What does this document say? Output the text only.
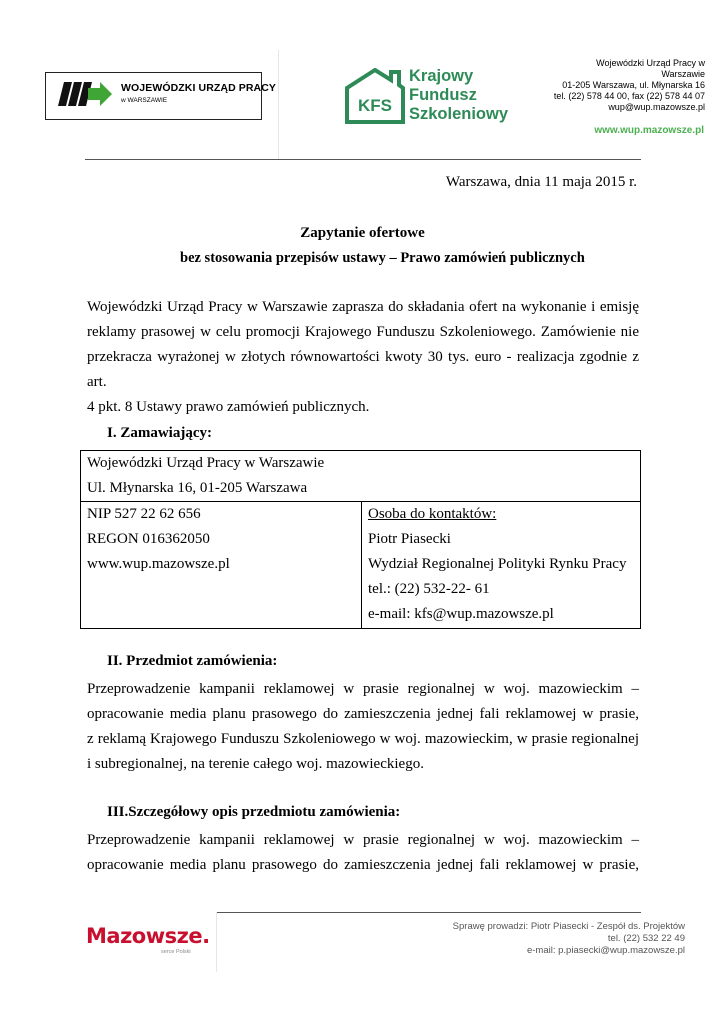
WOJEWÓDZKI URZĄD PRACY
w WARSZAWIE	KFS
Krajowy
Fundusz
Szkoleniowy
Wojewódzki Urząd Pracy w
Warszawie
01-205 Warszawa, ul. Młynarska 16
tel. (22) 578 44 00, fax (22) 578 44 07
wup@wup.mazowsze.pl
www.wup.mazowsze.pl
Warszawa, dnia 11 maja 2015 r.
Zapytanie ofertowe
bez stosowania przepisów ustawy – Prawo zamówień publicznych
Wojewódzki Urząd Pracy w Warszawie zaprasza do składania ofert na wykonanie i emisję
reklamy prasowej w celu promocji Krajowego Funduszu Szkoleniowego. Zamówienie nie
przekracza wyrażonej w złotych równowartości kwoty 30 tys. euro - realizacja zgodnie z art.
4 pkt. 8 Ustawy prawo zamówień publicznych.
I. Zamawiający:
Wojewódzki Urząd Pracy w Warszawie
Ul. Młynarska 16, 01-205 Warszawa

NIP 527 22 62 656
REGON 016362050
www.wup.mazowsze.pl

Osoba do kontaktów:
Piotr Piasecki
Wydział Regionalnej Polityki Rynku Pracy
tel.: (22) 532-22- 61
e-mail: kfs@wup.mazowsze.pl
II. Przedmiot zamówienia:
Przeprowadzenie kampanii reklamowej w prasie regionalnej w woj. mazowieckim –
opracowanie media planu prasowego do zamieszczenia jednej fali reklamowej w prasie,
z reklamą Krajowego Funduszu Szkoleniowego w woj. mazowieckim, w prasie regionalnej
i subregionalnej, na terenie całego woj. mazowieckiego.
III.Szczegółowy opis przedmiotu zamówienia:
Przeprowadzenie kampanii reklamowej w prasie regionalnej w woj. mazowieckim –
opracowanie media planu prasowego do zamieszczenia jednej fali reklamowej w prasie,
Mazowsze.
serce Polski
Sprawę prowadzi: Piotr Piasecki - Zespół ds. Projektów
tel. (22) 532 22 49
e-mail: p.piasecki@wup.mazowsze.pl
